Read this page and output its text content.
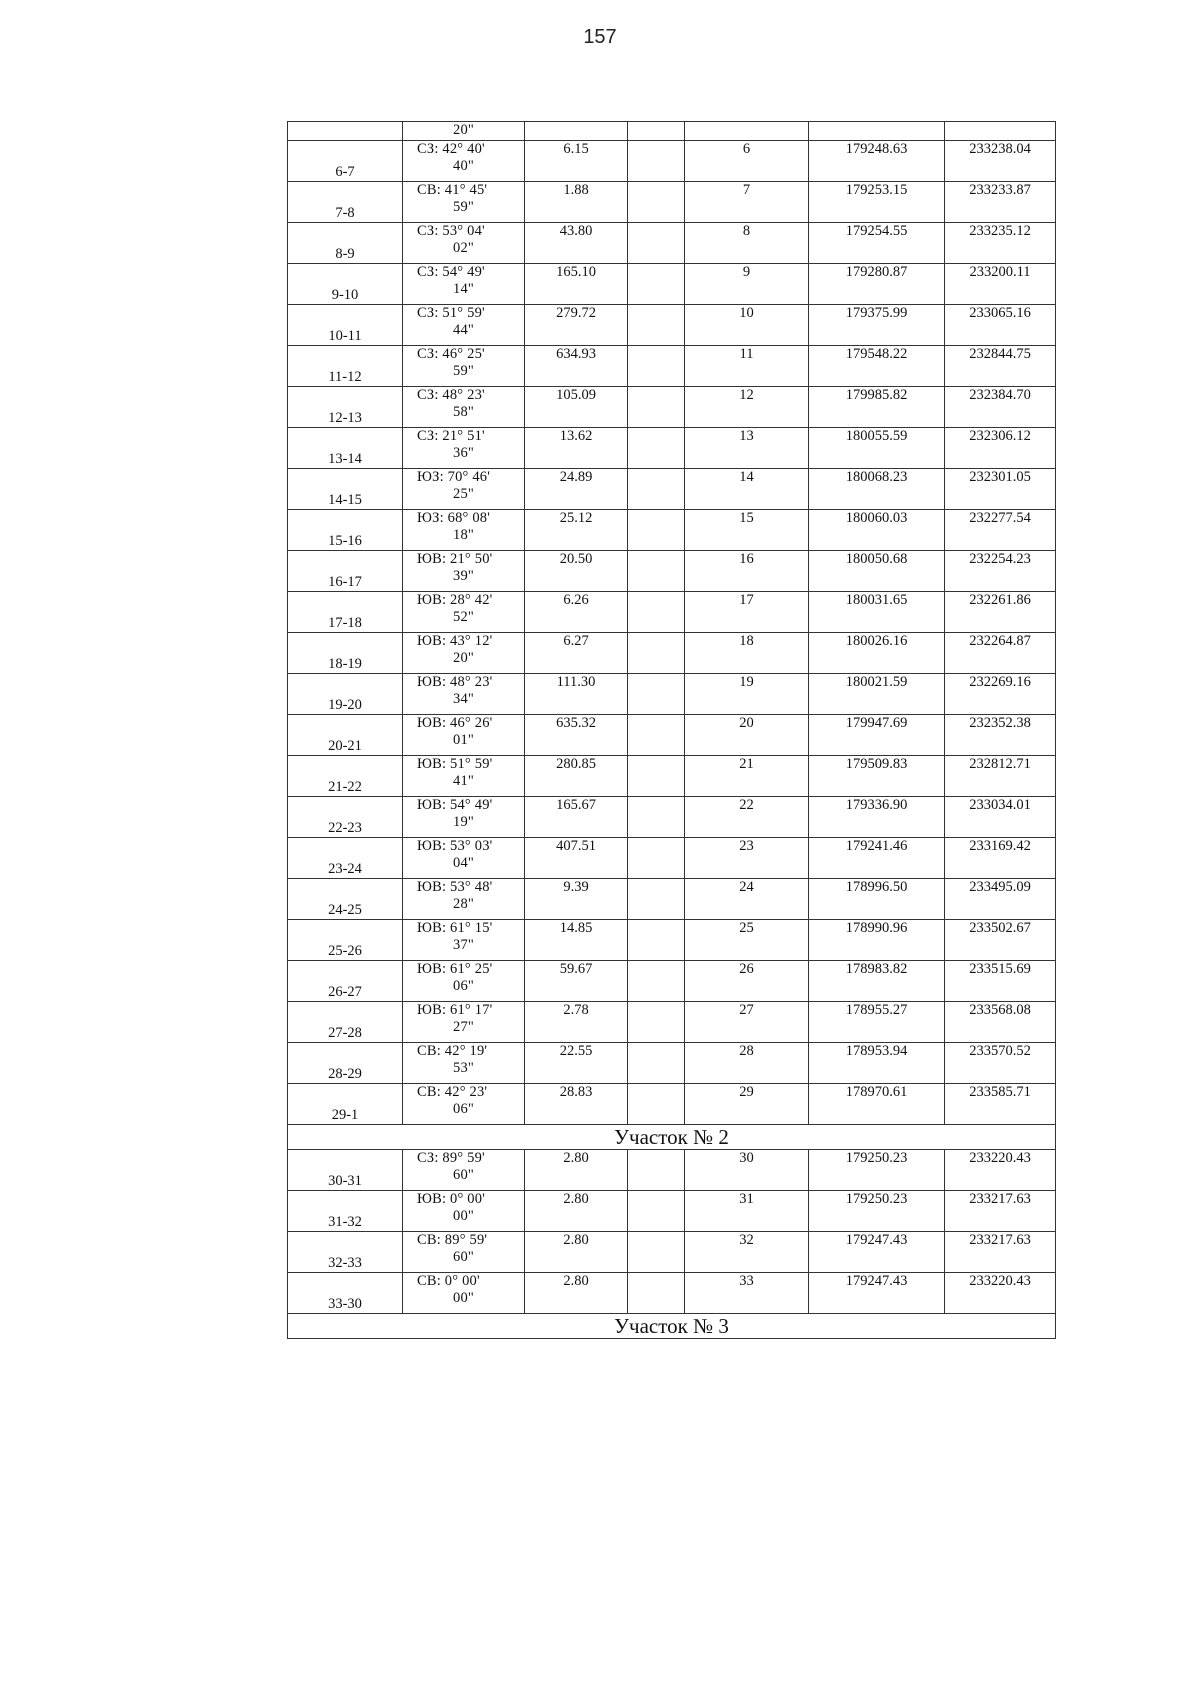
157

	20"					

6-7	СЗ: 42° 40'
40"	6.15		6	179248.63	233238.04
7-8	СВ: 41° 45'
59"	1.88		7	179253.15	233233.87
8-9	СЗ: 53° 04'
02"	43.80		8	179254.55	233235.12
9-10	СЗ: 54° 49'
14"	165.10		9	179280.87	233200.11
10-11	СЗ: 51° 59'
44"	279.72		10	179375.99	233065.16
11-12	СЗ: 46° 25'
59"	634.93		11	179548.22	232844.75
12-13	СЗ: 48° 23'
58"	105.09		12	179985.82	232384.70
13-14	СЗ: 21° 51'
36"	13.62		13	180055.59	232306.12
14-15	ЮЗ: 70° 46'
25"	24.89		14	180068.23	232301.05
15-16	ЮЗ: 68° 08'
18"	25.12		15	180060.03	232277.54
16-17	ЮВ: 21° 50'
39"	20.50		16	180050.68	232254.23
17-18	ЮВ: 28° 42'
52"	6.26		17	180031.65	232261.86
18-19	ЮВ: 43° 12'
20"	6.27		18	180026.16	232264.87
19-20	ЮВ: 48° 23'
34"	111.30		19	180021.59	232269.16
20-21	ЮВ: 46° 26'
01"	635.32		20	179947.69	232352.38
21-22	ЮВ: 51° 59'
41"	280.85		21	179509.83	232812.71
22-23	ЮВ: 54° 49'
19"	165.67		22	179336.90	233034.01
23-24	ЮВ: 53° 03'
04"	407.51		23	179241.46	233169.42
24-25	ЮВ: 53° 48'
28"	9.39		24	178996.50	233495.09
25-26	ЮВ: 61° 15'
37"	14.85		25	178990.96	233502.67
26-27	ЮВ: 61° 25'
06"	59.67		26	178983.82	233515.69
27-28	ЮВ: 61° 17'
27"	2.78		27	178955.27	233568.08
28-29	СВ: 42° 19'
53"	22.55		28	178953.94	233570.52
29-1	СВ: 42° 23'
06"	28.83		29	178970.61	233585.71
Участок № 2						
30-31	СЗ: 89° 59'
60"	2.80		30	179250.23	233220.43
31-32	ЮВ: 0° 00'
00"	2.80		31	179250.23	233217.63
32-33	СВ: 89° 59'
60"	2.80		32	179247.43	233217.63
33-30	СВ: 0° 00'
00"	2.80		33	179247.43	233220.43
Участок № 3						
